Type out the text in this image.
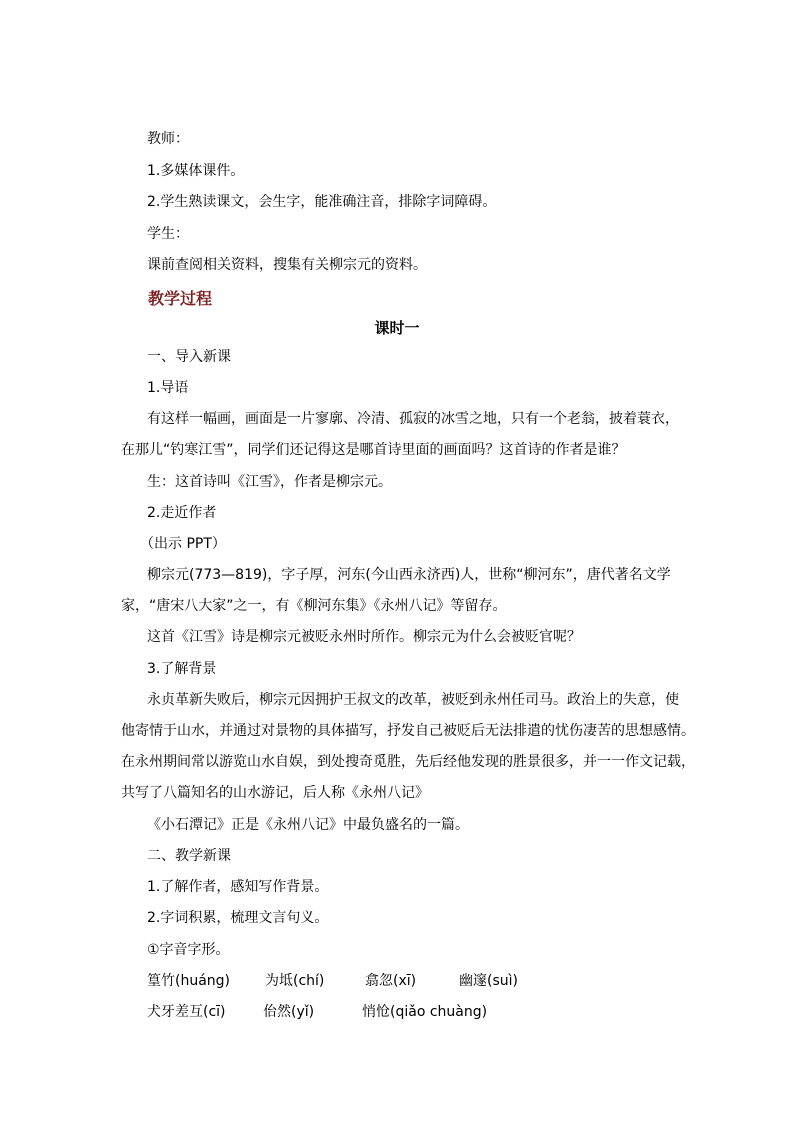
教师：
1.多媒体课件。
2.学生熟读课文，会生字，能准确注音，排除字词障碍。
学生：
课前查阅相关资料，搜集有关柳宗元的资料。
教学过程
课时一
一、导入新课
1.导语
有这样一幅画，画面是一片寥廓、冷清、孤寂的冰雪之地，只有一个老翁，披着蓑衣，
在那儿“钓寒江雪”，同学们还记得这是哪首诗里面的画面吗？这首诗的作者是谁？
生：这首诗叫《江雪》，作者是柳宗元。
2.走近作者
（出示 PPT）
柳宗元(773—819)，字子厚，河东(今山西永济西)人，世称“柳河东”，唐代著名文学
家，“唐宋八大家”之一，有《柳河东集》《永州八记》等留存。
这首《江雪》诗是柳宗元被贬永州时所作。柳宗元为什么会被贬官呢？
3.了解背景
永贞革新失败后，柳宗元因拥护王叔文的改革，被贬到永州任司马。政治上的失意，使
他寄情于山水，并通过对景物的具体描写，抒发自己被贬后无法排遣的忧伤凄苦的思想感情。
在永州期间常以游览山水自娱，到处搜奇觅胜，先后经他发现的胜景很多，并一一作文记载，
共写了八篇知名的山水游记，后人称《永州八记》
《小石潭记》正是《永州八记》中最负盛名的一篇。
二、教学新课
1.了解作者，感知写作背景。
2.字词积累，梳理文言句义。
①字音字形。
篁竹(huáng) 为坻(chí)	翕忽(xī)	幽邃(suì)
犬牙差互(cī)	佁然(yǐ)	悄怆(qiǎo chuàng)
